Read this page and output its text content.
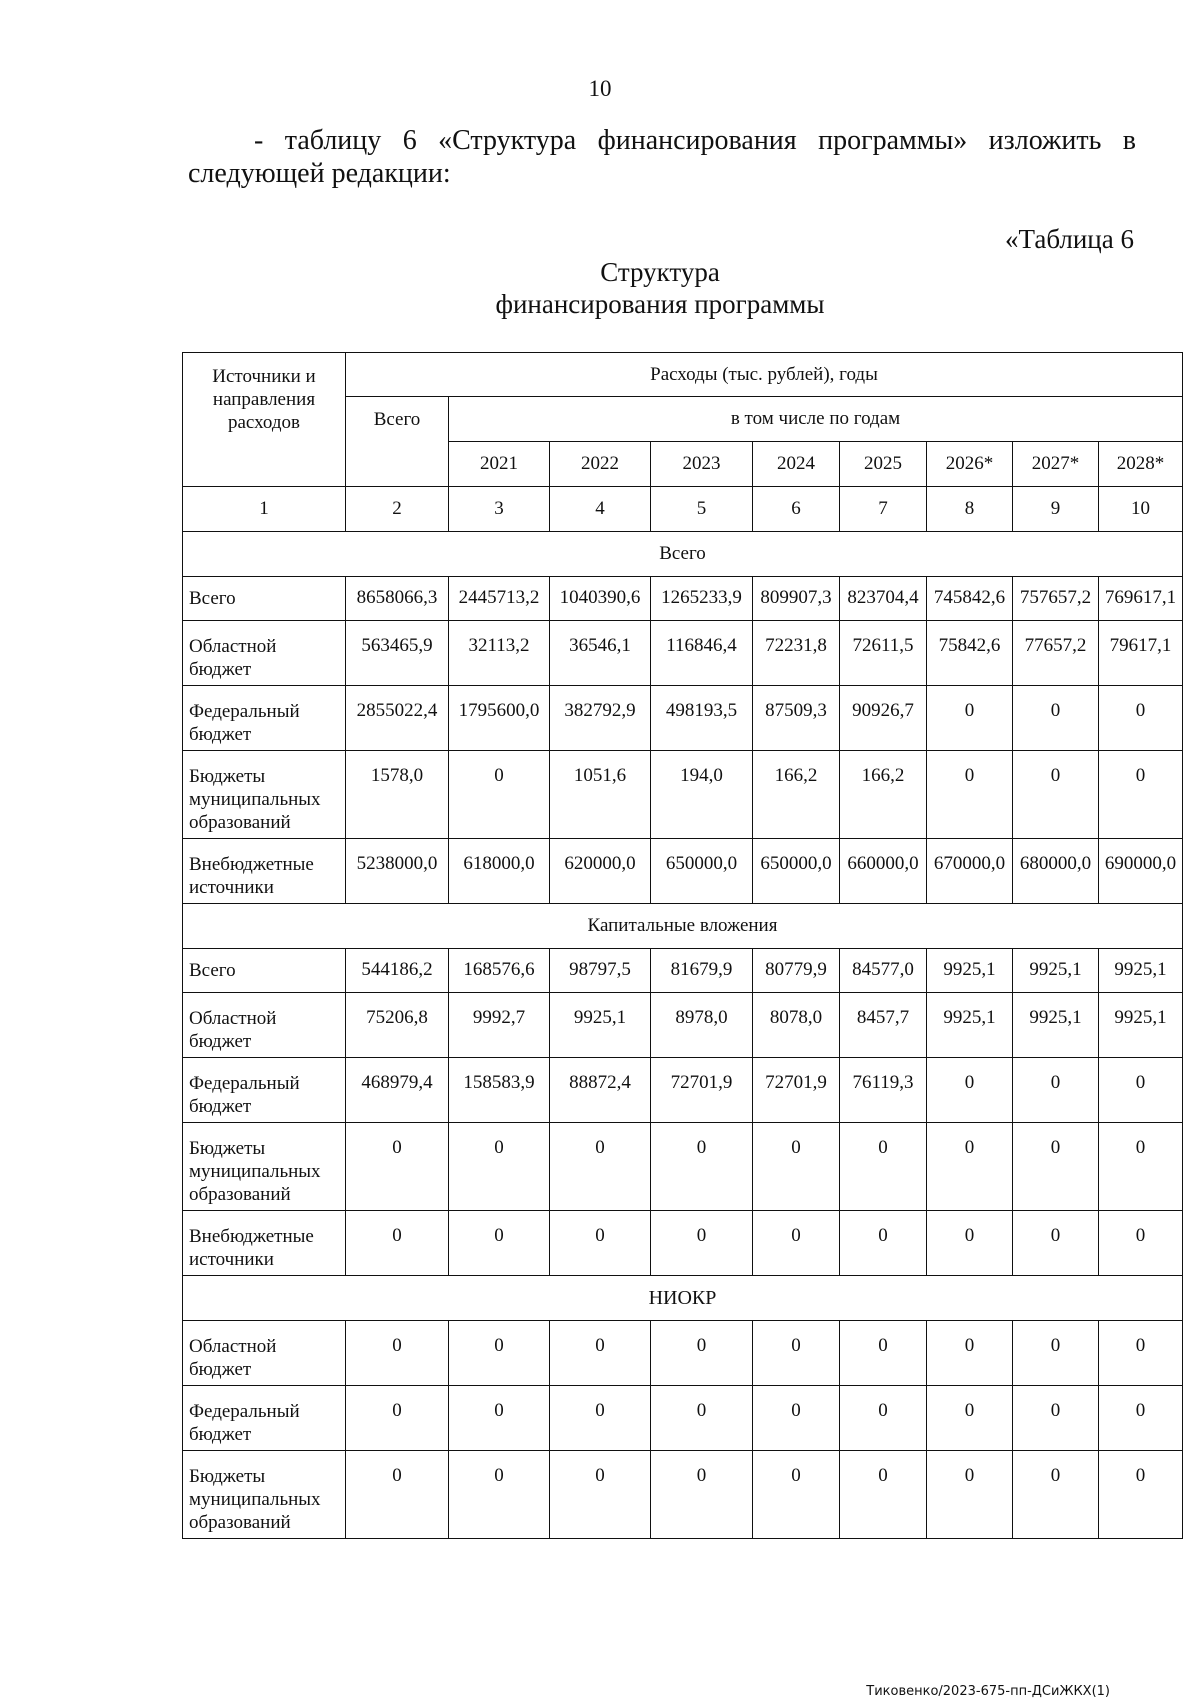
10
- таблицу 6 «Структура финансирования программы» изложить в следующей редакции:
«Таблица 6
Структура
финансирования программы
Источники и направления расходов	Расходы (тыс. рублей), годы								
	Всего	в том числе по годам							
		2021	2022	2023	2024	2025	2026*	2027*	2028*
1	2	3	4	5	6	7	8	9	10
Всего									
Всего	8658066,3	2445713,2	1040390,6	1265233,9	809907,3	823704,4	745842,6	757657,2	769617,1
Областной бюджет	563465,9	32113,2	36546,1	116846,4	72231,8	72611,5	75842,6	77657,2	79617,1
Федеральный бюджет	2855022,4	1795600,0	382792,9	498193,5	87509,3	90926,7	0	0	0
Бюджеты муниципальных образований	1578,0	0	1051,6	194,0	166,2	166,2	0	0	0
Внебюджетные источники	5238000,0	618000,0	620000,0	650000,0	650000,0	660000,0	670000,0	680000,0	690000,0
Капитальные вложения									
Всего	544186,2	168576,6	98797,5	81679,9	80779,9	84577,0	9925,1	9925,1	9925,1
Областной бюджет	75206,8	9992,7	9925,1	8978,0	8078,0	8457,7	9925,1	9925,1	9925,1
Федеральный бюджет	468979,4	158583,9	88872,4	72701,9	72701,9	76119,3	0	0	0
Бюджеты муниципальных образований	0	0	0	0	0	0	0	0	0
Внебюджетные источники	0	0	0	0	0	0	0	0	0
НИОКР									
Областной бюджет	0	0	0	0	0	0	0	0	0
Федеральный бюджет	0	0	0	0	0	0	0	0	0
Бюджеты муниципальных образований	0	0	0	0	0	0	0	0	0
Тиковенко/2023-675-пп-ДСиЖКХ(1)
